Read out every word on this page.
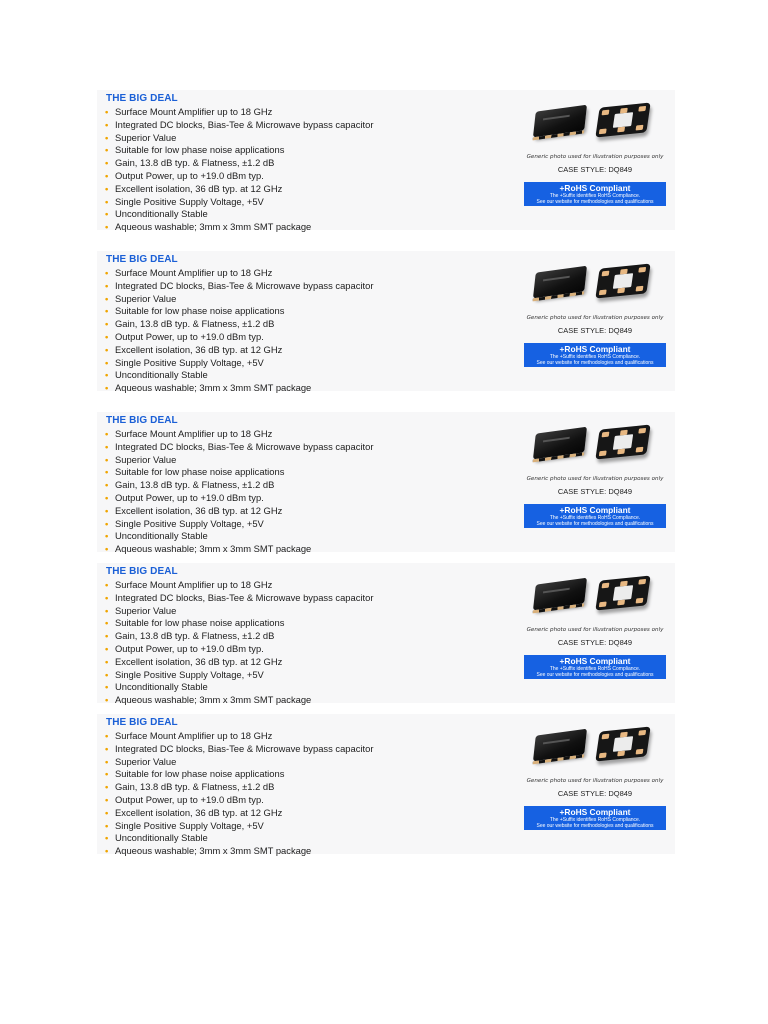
THE BIG DEAL
• Surface Mount Amplifier up to 18 GHz
• Integrated DC blocks, Bias-Tee & Microwave bypass capacitor
• Superior Value
• Suitable for low phase noise applications
• Gain, 13.8 dB typ. & Flatness, ±1.2 dB
• Output Power, up to +19.0 dBm typ.
• Excellent isolation, 36 dB typ. at 12 GHz
• Single Positive Supply Voltage, +5V
• Unconditionally Stable
• Aqueous washable; 3mm x 3mm SMT package
Generic photo used for illustration purposes only
CASE STYLE: DQ849
+RoHS Compliant
The +Suffix identifies RoHS Compliance.
See our website for methodologies and qualifications
THE BIG DEAL
• Surface Mount Amplifier up to 18 GHz
• Integrated DC blocks, Bias-Tee & Microwave bypass capacitor
• Superior Value
• Suitable for low phase noise applications
• Gain, 13.8 dB typ. & Flatness, ±1.2 dB
• Output Power, up to +19.0 dBm typ.
• Excellent isolation, 36 dB typ. at 12 GHz
• Single Positive Supply Voltage, +5V
• Unconditionally Stable
• Aqueous washable; 3mm x 3mm SMT package
Generic photo used for illustration purposes only
CASE STYLE: DQ849
+RoHS Compliant
The +Suffix identifies RoHS Compliance.
See our website for methodologies and qualifications
THE BIG DEAL
• Surface Mount Amplifier up to 18 GHz
• Integrated DC blocks, Bias-Tee & Microwave bypass capacitor
• Superior Value
• Suitable for low phase noise applications
• Gain, 13.8 dB typ. & Flatness, ±1.2 dB
• Output Power, up to +19.0 dBm typ.
• Excellent isolation, 36 dB typ. at 12 GHz
• Single Positive Supply Voltage, +5V
• Unconditionally Stable
• Aqueous washable; 3mm x 3mm SMT package
Generic photo used for illustration purposes only
CASE STYLE: DQ849
+RoHS Compliant
The +Suffix identifies RoHS Compliance.
See our website for methodologies and qualifications
THE BIG DEAL
• Surface Mount Amplifier up to 18 GHz
• Integrated DC blocks, Bias-Tee & Microwave bypass capacitor
• Superior Value
• Suitable for low phase noise applications
• Gain, 13.8 dB typ. & Flatness, ±1.2 dB
• Output Power, up to +19.0 dBm typ.
• Excellent isolation, 36 dB typ. at 12 GHz
• Single Positive Supply Voltage, +5V
• Unconditionally Stable
• Aqueous washable; 3mm x 3mm SMT package
Generic photo used for illustration purposes only
CASE STYLE: DQ849
+RoHS Compliant
The +Suffix identifies RoHS Compliance.
See our website for methodologies and qualifications
THE BIG DEAL
• Surface Mount Amplifier up to 18 GHz
• Integrated DC blocks, Bias-Tee & Microwave bypass capacitor
• Superior Value
• Suitable for low phase noise applications
• Gain, 13.8 dB typ. & Flatness, ±1.2 dB
• Output Power, up to +19.0 dBm typ.
• Excellent isolation, 36 dB typ. at 12 GHz
• Single Positive Supply Voltage, +5V
• Unconditionally Stable
• Aqueous washable; 3mm x 3mm SMT package
Generic photo used for illustration purposes only
CASE STYLE: DQ849
+RoHS Compliant
The +Suffix identifies RoHS Compliance.
See our website for methodologies and qualifications
